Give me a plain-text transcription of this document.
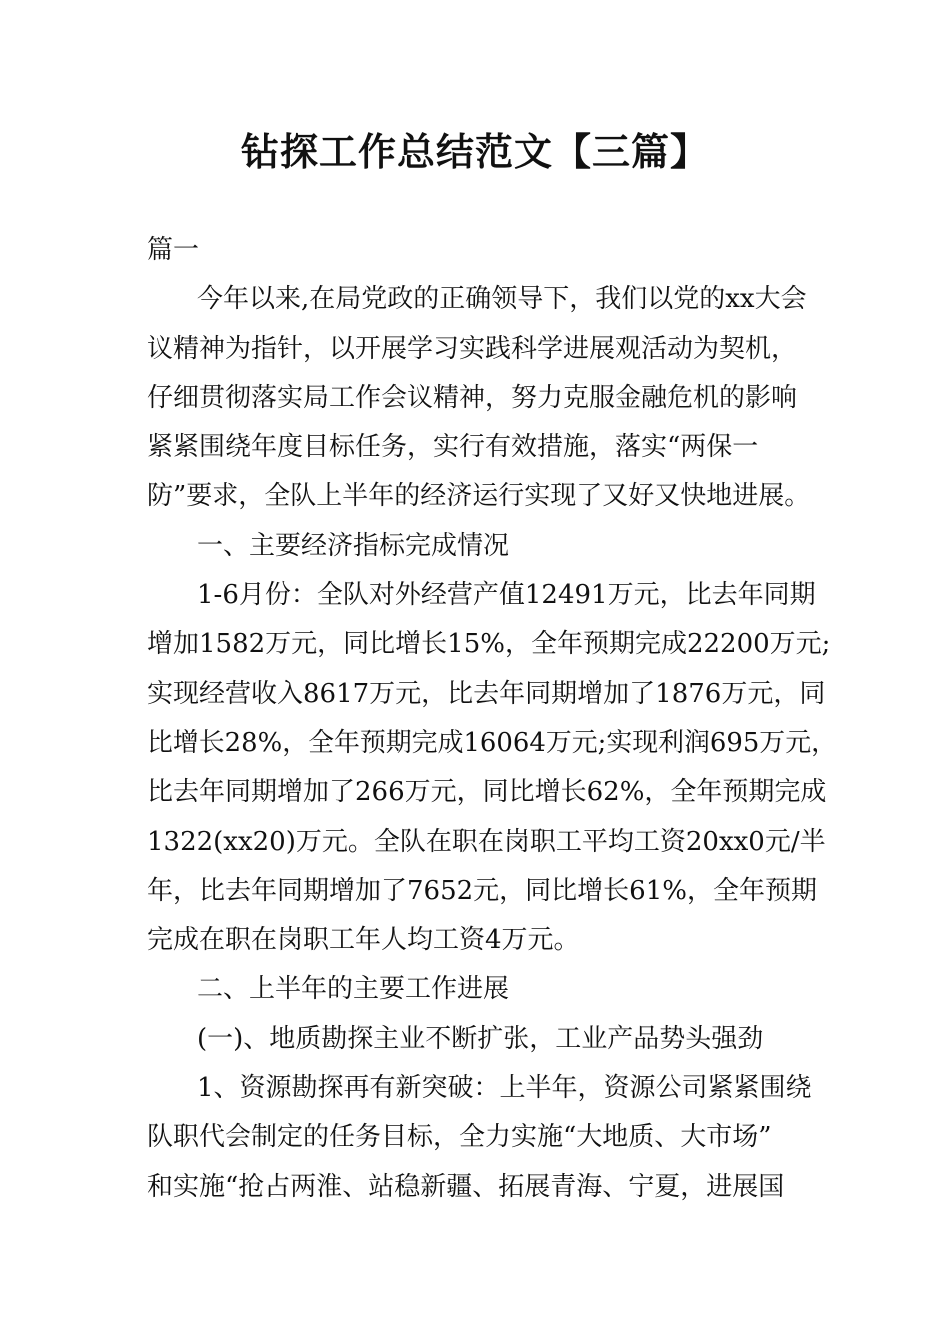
钻探工作总结范文【三篇】
篇一
今年以来,在局党政的正确领导下，我们以党的xx大会
议精神为指针，以开展学习实践科学进展观活动为契机，
仔细贯彻落实局工作会议精神，努力克服金融危机的影响
紧紧围绕年度目标任务，实行有效措施，落实“两保一
防”要求，全队上半年的经济运行实现了又好又快地进展。
一、主要经济指标完成情况
1-6月份：全队对外经营产值12491万元，比去年同期
增加1582万元，同比增长15%，全年预期完成22200万元;
实现经营收入8617万元，比去年同期增加了1876万元，同
比增长28%，全年预期完成16064万元;实现利润695万元，
比去年同期增加了266万元，同比增长62%，全年预期完成
1322(xx20)万元。全队在职在岗职工平均工资20xx0元/半
年，比去年同期增加了7652元，同比增长61%，全年预期
完成在职在岗职工年人均工资4万元。
二、上半年的主要工作进展
(一)、地质勘探主业不断扩张，工业产品势头强劲
1、资源勘探再有新突破：上半年，资源公司紧紧围绕
队职代会制定的任务目标，全力实施“大地质、大市场”
和实施“抢占两淮、站稳新疆、拓展青海、宁夏，进展国
